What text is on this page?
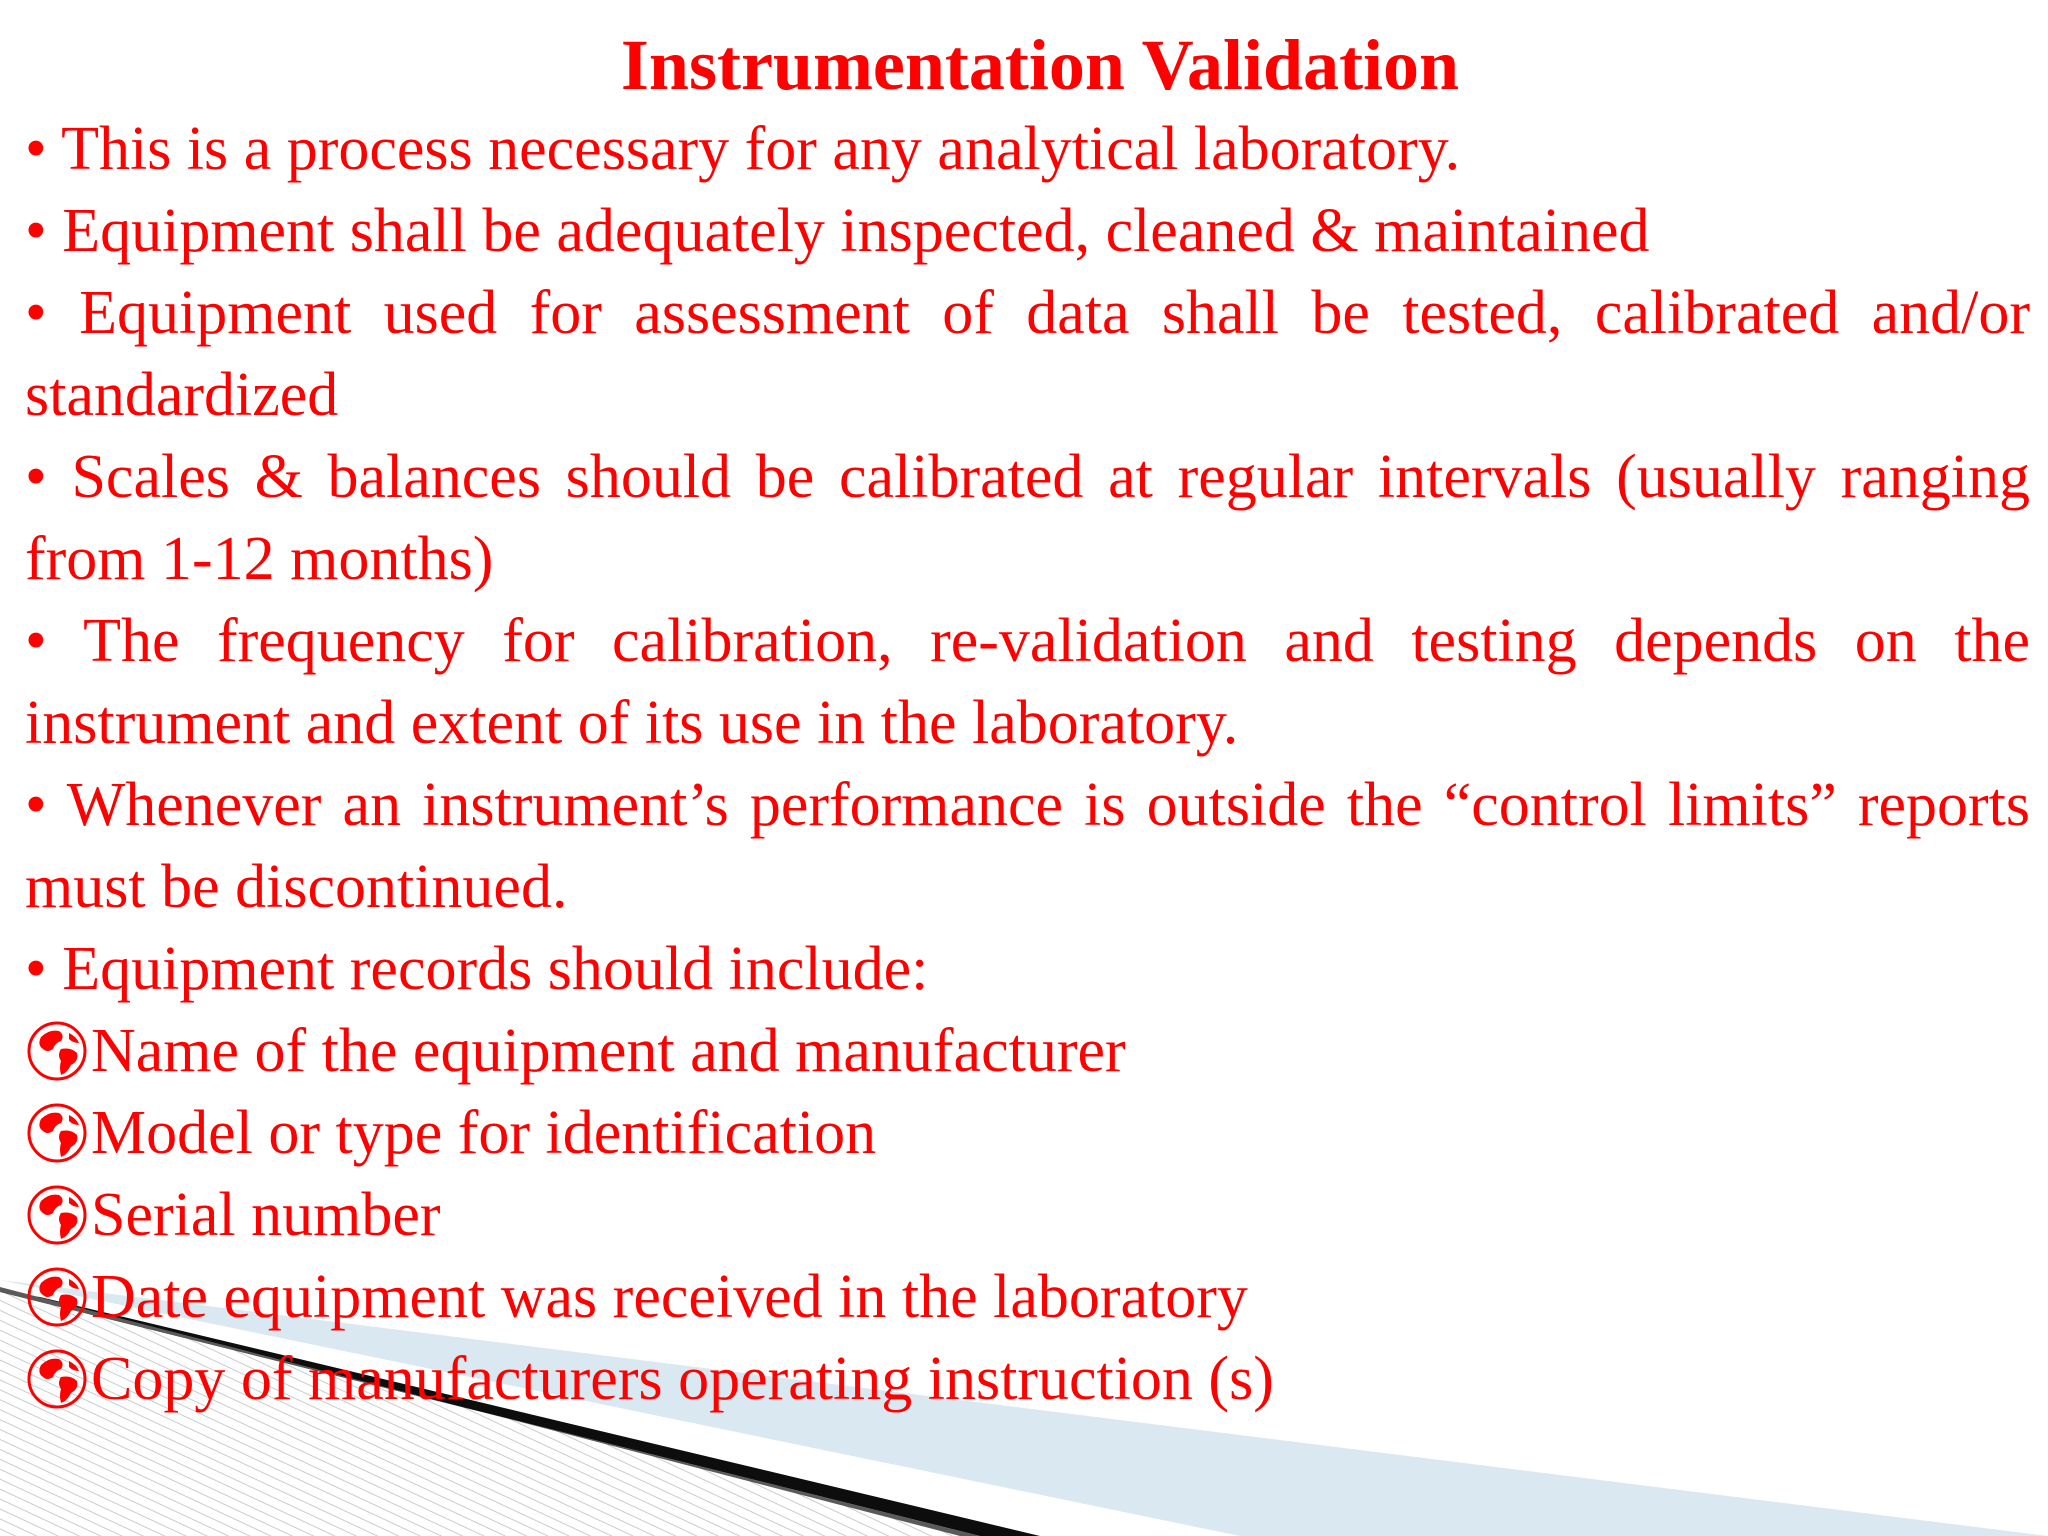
Instrumentation Validation

• This is a process necessary for any analytical laboratory.

• Equipment shall be adequately inspected, cleaned & maintained

• Equipment used for assessment of data shall be tested, calibrated and/or standardized

• Scales & balances should be calibrated at regular intervals (usually ranging from 1-12 months)

• The frequency for calibration, re-validation and testing depends on the instrument and extent of its use in the laboratory.

• Whenever an instrument’s performance is outside the “control limits” reports must be discontinued.

• Equipment records should include:

Name of the equipment and manufacturer
Model or type for identification
Serial number
Date equipment was received in the laboratory
Copy of manufacturers operating instruction (s)
